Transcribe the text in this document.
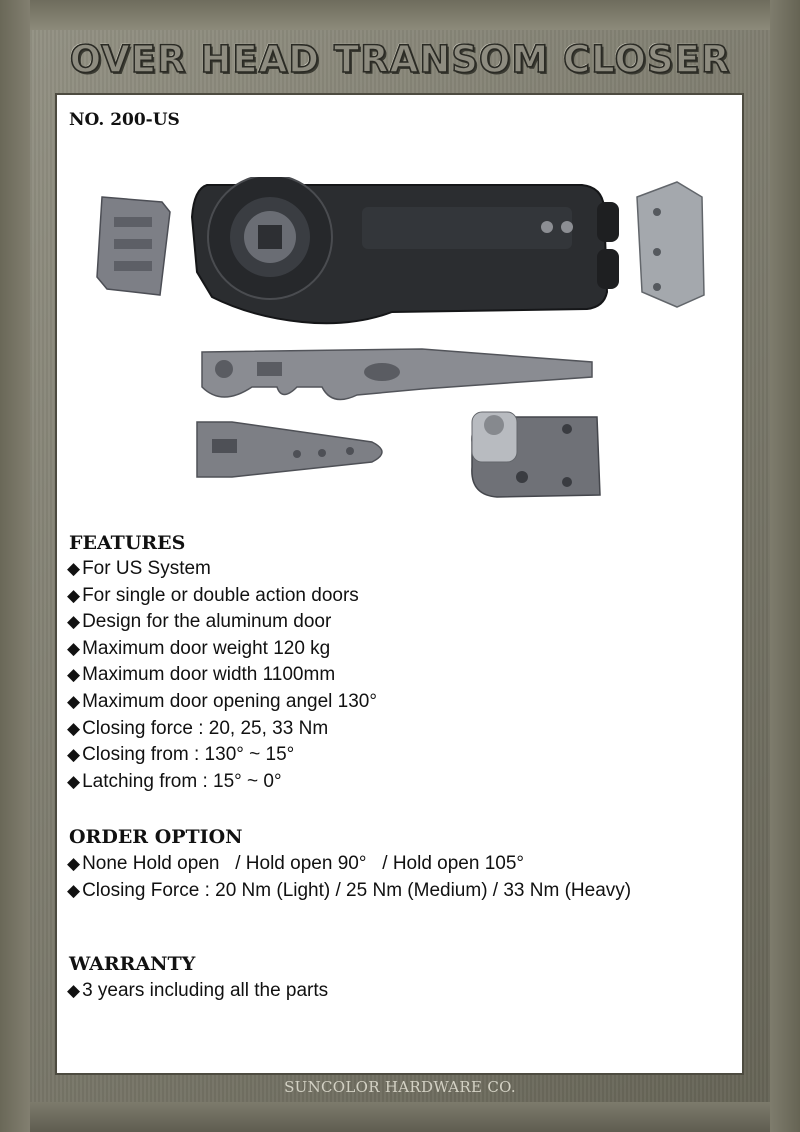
OVER HEAD TRANSOM CLOSER
NO. 200-US
FEATURES
◆ For US System
◆ For single or double action doors
◆ Design for the aluminum door
◆ Maximum door weight 120 kg
◆ Maximum door width 1100mm
◆ Maximum door opening angel 130°
◆ Closing force : 20, 25, 33 Nm
◆ Closing from : 130° ~ 15°
◆ Latching from : 15° ~ 0°
ORDER OPTION
◆ None Hold open   / Hold open 90°   / Hold open 105°
◆ Closing Force : 20 Nm (Light) / 25 Nm (Medium) / 33 Nm (Heavy)
WARRANTY
◆ 3 years including all the parts
SUNCOLOR HARDWARE CO.
